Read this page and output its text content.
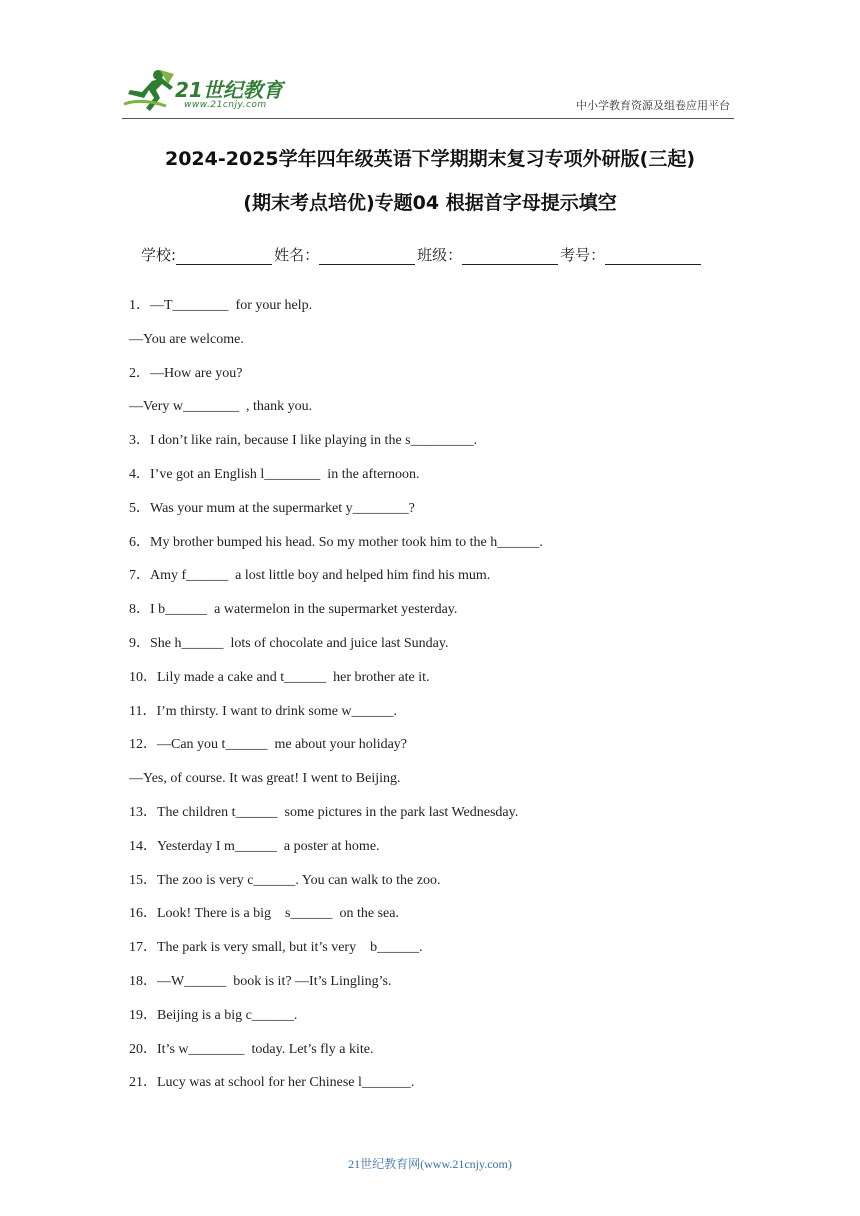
21世纪教育
www.21cnjy.com	中小学教育资源及组卷应用平台
2024-2025学年四年级英语下学期期末复习专项外研版(三起)
(期末考点培优)专题04 根据首字母提示填空
学校:	姓名：	班级：	考号：
1．—T________  for your help.
—You are welcome.
2．—How are you?
—Very w________  , thank you.
3．I don’t like rain, because I like playing in the s_________.
4．I’ve got an English l________  in the afternoon.
5．Was your mum at the supermarket y________?
6．My brother bumped his head. So my mother took him to the h______.
7．Amy f______  a lost little boy and helped him find his mum.
8．I b______  a watermelon in the supermarket yesterday.
9．She h______  lots of chocolate and juice last Sunday.
10．Lily made a cake and t______  her brother ate it.
11．I’m thirsty. I want to drink some w______.
12．—Can you t______  me about your holiday?
—Yes, of course. It was great! I went to Beijing.
13．The children t______  some pictures in the park last Wednesday.
14．Yesterday I m______  a poster at home.
15．The zoo is very c______. You can walk to the zoo.
16．Look! There is a big    s______  on the sea.
17．The park is very small, but it’s very    b______.
18．—W______  book is it? —It’s Lingling’s.
19．Beijing is a big c______.
20．It’s w________  today. Let’s fly a kite.
21．Lucy was at school for her Chinese l_______.
21世纪教育网(www.21cnjy.com)
